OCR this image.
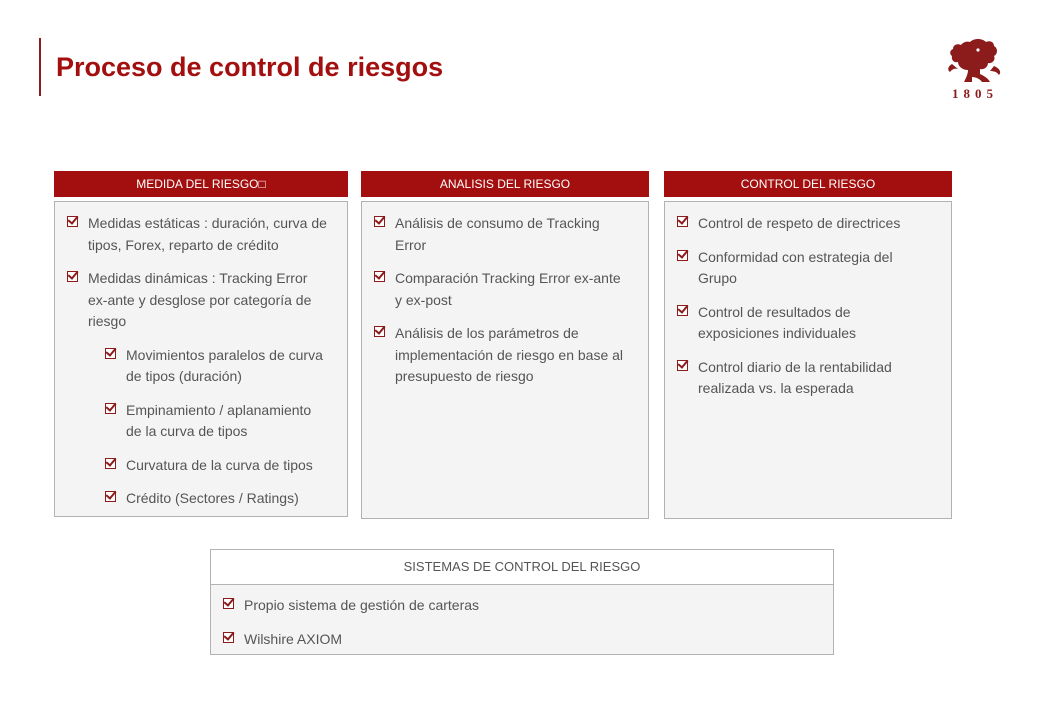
Proceso de control de riesgos
1805
MEDIDA DEL RIESGO□
Medidas estáticas : duración, curva de tipos, Forex, reparto de crédito
Medidas dinámicas : Tracking Error ex-ante y desglose por categoría de riesgo
Movimientos paralelos de curva de tipos (duración)
Empinamiento / aplanamiento de la curva de tipos
Curvatura de la curva de tipos
Crédito (Sectores / Ratings)
ANALISIS DEL RIESGO
Análisis de consumo de Tracking Error
Comparación Tracking Error ex-ante y ex-post
Análisis de los parámetros de implementación de riesgo en base al presupuesto de riesgo
CONTROL DEL RIESGO
Control de respeto de directrices
Conformidad con estrategia del Grupo
Control de resultados de exposiciones individuales
Control diario de la rentabilidad realizada vs. la esperada
SISTEMAS DE CONTROL DEL RIESGO
Propio sistema de gestión de carteras
Wilshire AXIOM
